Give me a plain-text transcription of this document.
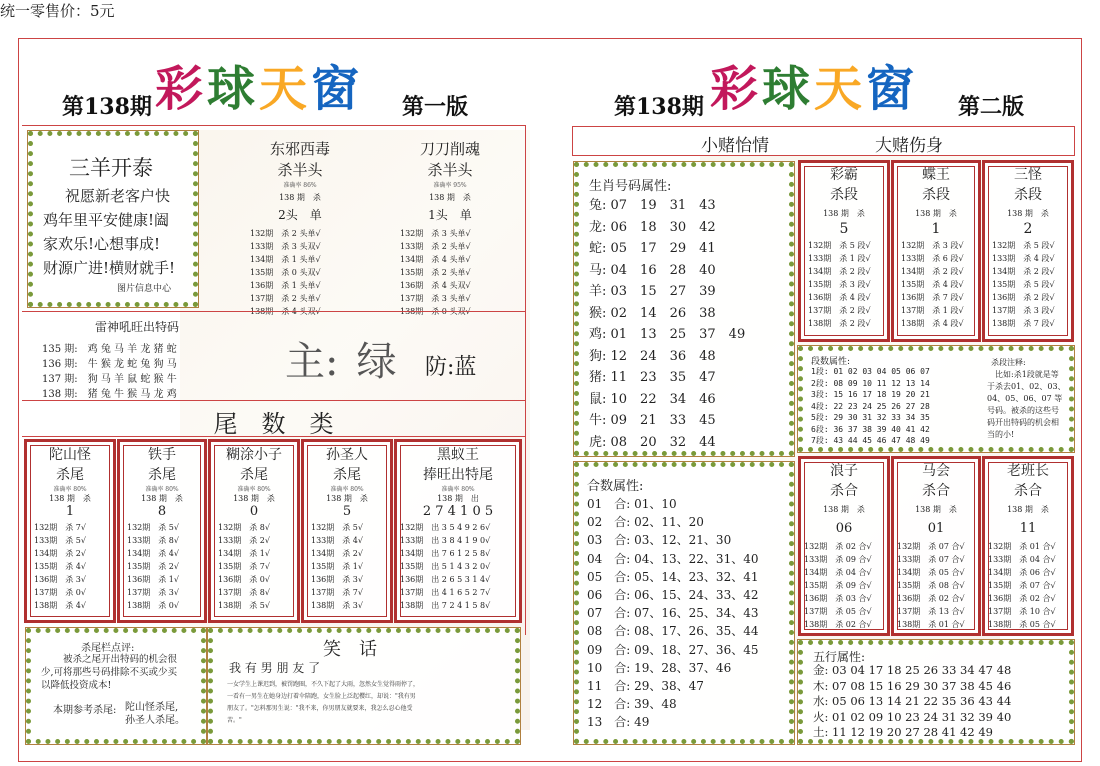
统一零售价：5元
第138期 彩球天窗 第一版
三羊开泰
祝愿新老客户快
鸡年里平安健康!阖
家欢乐!心想事成!
财源广进!横财就手!
图片信息中心
东邪西毒
杀半头
准确率 86%
138 期　杀
2头　单
132期　杀 2 头单√
133期　杀 3 头双√
134期　杀 1 头单√
135期　杀 0 头双√
136期　杀 1 头单√
137期　杀 2 头单√
138期　杀 4 头双√
刀刀削魂
杀半头
准确率 95%
138 期　杀
1头　单
132期　杀 3 头单√
133期　杀 2 头单√
134期　杀 4 头单√
135期　杀 2 头单√
136期　杀 4 头双√
137期　杀 3 头单√
138期　杀 0 头双√
雷神吼旺出特码
135 期:　鸡 兔 马 羊 龙 猪 蛇
136 期:　牛 猴 龙 蛇 兔 狗 马
137 期:　狗 马 羊 鼠 蛇 猴 牛
138 期:　猪 兔 牛 猴 马 龙 鸡
主: 绿 防:蓝
尾　数　类
陀山怪
杀尾
准确率 80%
138 期　杀
1
132期　杀 7√
133期　杀 5√
134期　杀 2√
135期　杀 4√
136期　杀 3√
137期　杀 0√
138期　杀 4√
铁手
杀尾
准确率 80%
138 期　杀
8
132期　杀 5√
133期　杀 8√
134期　杀 4√
135期　杀 2√
136期　杀 1√
137期　杀 3√
138期　杀 0√
糊涂小子
杀尾
准确率 80%
138 期　杀
0
132期　杀 8√
133期　杀 2√
134期　杀 1√
135期　杀 7√
136期　杀 0√
137期　杀 8√
138期　杀 5√
孙圣人
杀尾
准确率 80%
138 期　杀
5
132期　杀 5√
133期　杀 4√
134期　杀 2√
135期　杀 1√
136期　杀 3√
137期　杀 7√
138期　杀 3√
黑蚁王
捧旺出特尾
准确率 80%
138 期　出
2 7 4 1 0 5
132期　出 3 5 4 9 2 6√
133期　出 3 8 4 1 9 0√
134期　出 7 6 1 2 5 8√
135期　出 5 1 4 3 2 0√
136期　出 2 6 5 3 1 4√
137期　出 4 1 6 5 2 7√
138期　出 7 2 4 1 5 8√
杀尾栏点评:
被杀之尾开出特码的机会很
少,可将那些号码排除不买或少买
以降低投资成本!
本期参考杀尾: 陀山怪杀尾,
孙圣人杀尾。
笑　话
我 有 男 朋 友 了
一女学生上课迟到，被罚跑圈，不久下起了大雨，忽然女生觉得雨停了，
一看有一男生在她身边打着伞陪跑，女生脸上泛起樱红，却说："我有男
朋友了。"怎料那男生说："我不来，你男朋友就要来，我怎么忍心他受
苦。"
第138期 彩球天窗 第二版
小赌怡情	大赌伤身
生肖号码属性:
兔: 07　19　31　43
龙: 06　18　30　42
蛇: 05　17　29　41
马: 04　16　28　40
羊: 03　15　27　39
猴: 02　14　26　38
鸡: 01　13　25　37　49
狗: 12　24　36　48
猪: 11　23　35　47
鼠: 10　22　34　46
牛: 09　21　33　45
虎: 08　20　32　44
彩霸
杀段
138 期　杀
5
132期　杀 5 段√
133期　杀 1 段√
134期　杀 2 段√
135期　杀 3 段√
136期　杀 4 段√
137期　杀 2 段√
138期　杀 2 段√
蝶王
杀段
138 期　杀
1
132期　杀 3 段√
133期　杀 6 段√
134期　杀 2 段√
135期　杀 4 段√
136期　杀 7 段√
137期　杀 1 段√
138期　杀 4 段√
三怪
杀段
138 期　杀
2
132期　杀 5 段√
133期　杀 4 段√
134期　杀 2 段√
135期　杀 5 段√
136期　杀 2 段√
137期　杀 3 段√
138期　杀 7 段√
段数属性:
1段: 01 02 03 04 05 06 07
2段: 08 09 10 11 12 13 14
3段: 15 16 17 18 19 20 21
4段: 22 23 24 25 26 27 28
5段: 29 30 31 32 33 34 35
6段: 36 37 38 39 40 41 42
7段: 43 44 45 46 47 48 49
杀段注释:
比如:杀1段就是等
于杀去01、02、03、
04、05、06、07 等
号码。被杀的这些号
码开出特码的机会相
当的小!
合数属性:
01　合: 01、10
02　合: 02、11、20
03　合: 03、12、21、30
04　合: 04、13、22、31、40
05　合: 05、14、23、32、41
06　合: 06、15、24、33、42
07　合: 07、16、25、34、43
08　合: 08、17、26、35、44
09　合: 09、18、27、36、45
10　合: 19、28、37、46
11　合: 29、38、47
12　合: 39、48
13　合: 49
浪子
杀合
138 期　杀
06
132期　杀 02 合√
133期　杀 09 合√
134期　杀 04 合√
135期　杀 09 合√
136期　杀 03 合√
137期　杀 05 合√
138期　杀 02 合√
马会
杀合
138 期　杀
01
132期　杀 07 合√
133期　杀 07 合√
134期　杀 05 合√
135期　杀 08 合√
136期　杀 02 合√
137期　杀 13 合√
138期　杀 01 合√
老班长
杀合
138 期　杀
11
132期　杀 01 合√
133期　杀 04 合√
134期　杀 06 合√
135期　杀 07 合√
136期　杀 02 合√
137期　杀 10 合√
138期　杀 05 合√
五行属性:
金: 03 04 17 18 25 26 33 34 47 48
木: 07 08 15 16 29 30 37 38 45 46
水: 05 06 13 14 21 22 35 36 43 44
火: 01 02 09 10 23 24 31 32 39 40
土: 11 12 19 20 27 28 41 42 49
